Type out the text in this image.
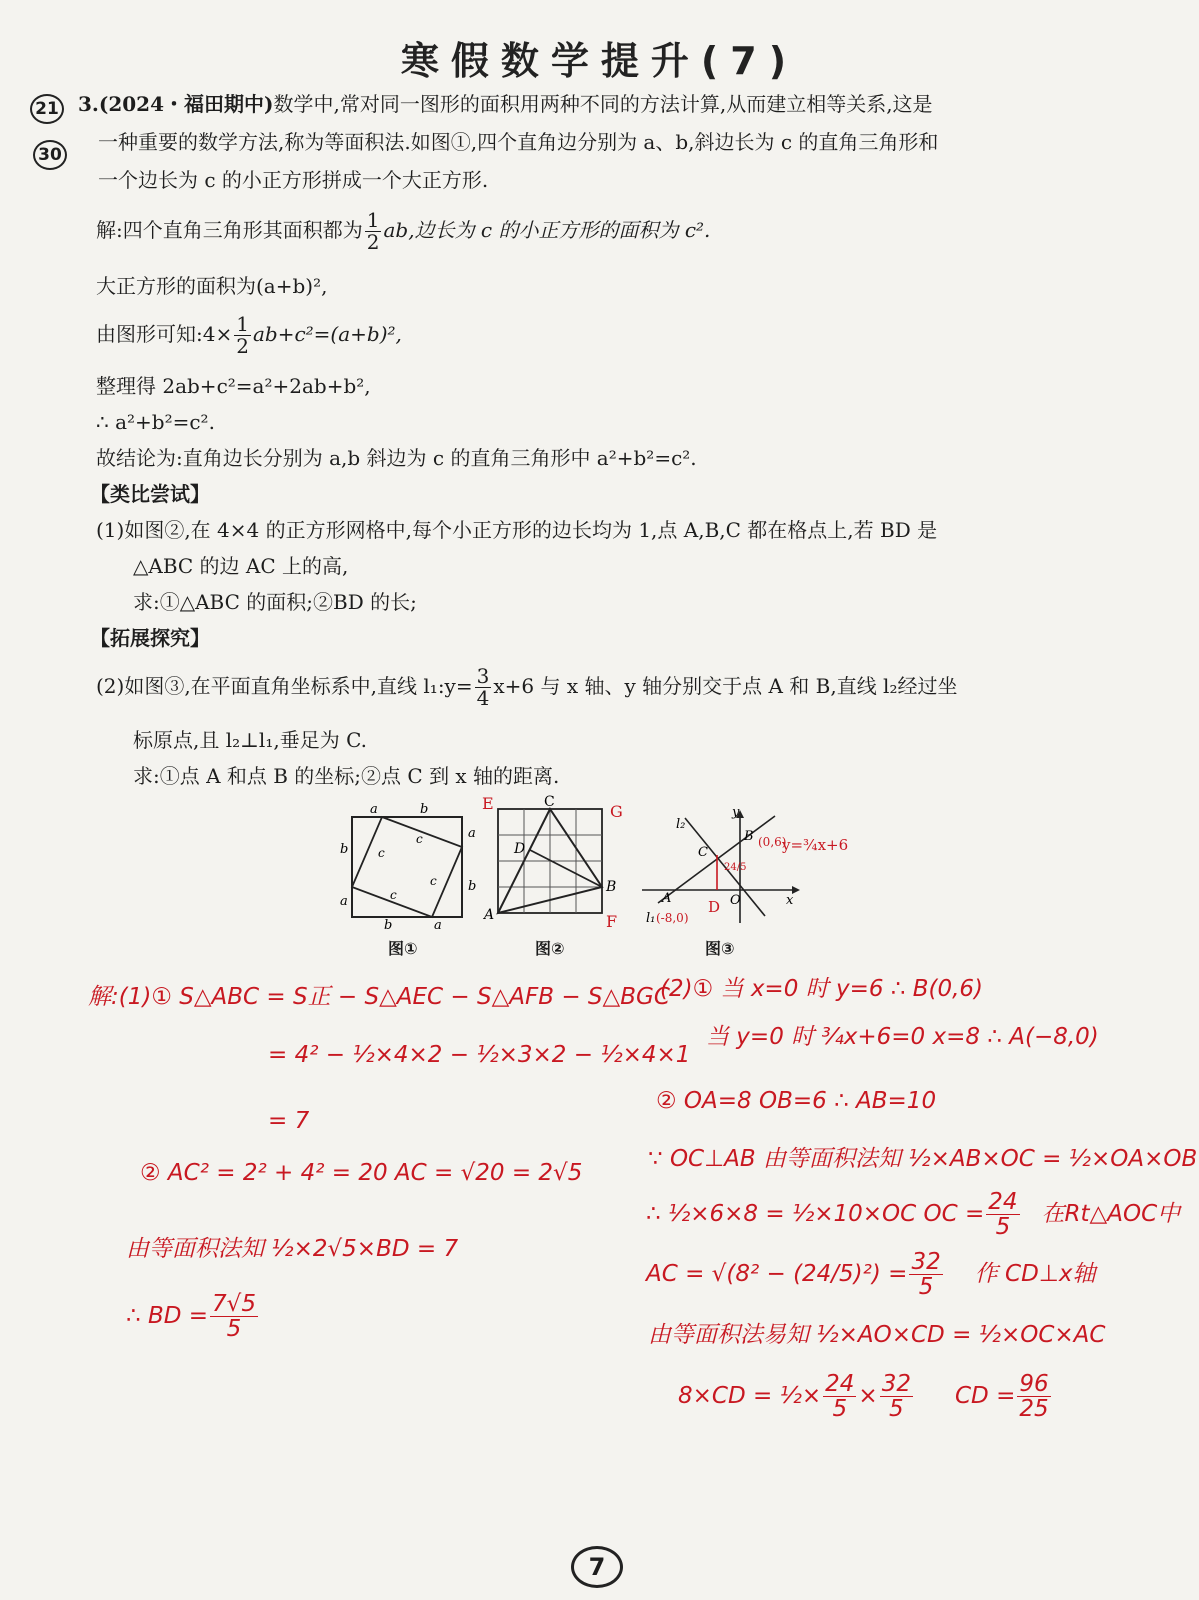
寒假数学提升(7)
21
30
3.(2024・福田期中)数学中,常对同一图形的面积用两种不同的方法计算,从而建立相等关系,这是
一种重要的数学方法,称为等面积法.如图①,四个直角边分别为 a、b,斜边长为 c 的直角三角形和
一个边长为 c 的小正方形拼成一个大正方形.
解:四个直角三角形其面积都为 $\frac{1}{2}$ ab,边长为 c 的小正方形的面积为 c².
大正方形的面积为(a+b)²,
由图形可知:4× $\frac{1}{2} ab+c^2=(a+b)^2$,
整理得 2ab+c²=a²+2ab+b²,
∴ a²+b²=c².
故结论为:直角边长分别为 a,b 斜边为 c 的直角三角形中 a²+b²=c².
【类比尝试】
(1)如图②,在 4×4 的正方形网格中,每个小正方形的边长均为 1,点 A,B,C 都在格点上,若 BD 是
△ABC 的边 AC 上的高,
求:①△ABC 的面积;②BD 的长;
【拓展探究】
(2)如图③,在平面直角坐标系中,直线 l₁:y= $\frac{3}{4} x+6$ 与 x 轴、y 轴分别交于点 A 和 B,直线 l₂经过坐
标原点,且 l₂⊥l₁,垂足为 C.
求:①点 A 和点 B 的坐标;②点 C 到 x 轴的距离.
a	b
a
b
b
a
b	a
c
c
c
c
图①
E	C	G
D
B
A	F
图②
l₂
y
C
B
A	O	x
l₁
y=¾x+6
(0,6)
(-8,0)
24/5
D
图③
解:(1)① S△ABC = S正 − S△AEC − S△AFB − S△BGC
= 4² − ½×4×2 − ½×3×2 − ½×4×1
= 7
② AC² = 2² + 4² = 20 AC = √20 = 2√5
由等面积法知 ½×2√5×BD = 7
∴ BD = $\frac{7√5}{5}$
(2)① 当 x=0 时 y=6 ∴ B(0,6)
当 y=0 时 ¾x+6=0 x=8 ∴ A(−8,0)
② OA=8 OB=6 ∴ AB=10
∵ OC⊥AB 由等面积法知 ½×AB×OC = ½×OA×OB
∴ ½×6×8 = ½×10×OC OC = $\frac{24}{5}$ 在Rt△AOC中
AC = $√(8^2 - (24/5)^2) = \frac{32}{5}$ 作 CD⊥x轴
由等面积法易知 ½×AO×CD = ½×OC×AC
8×CD = ½× $\frac{24}{5} \times \frac{32}{5}$ CD = $\frac{96}{25}$
7
